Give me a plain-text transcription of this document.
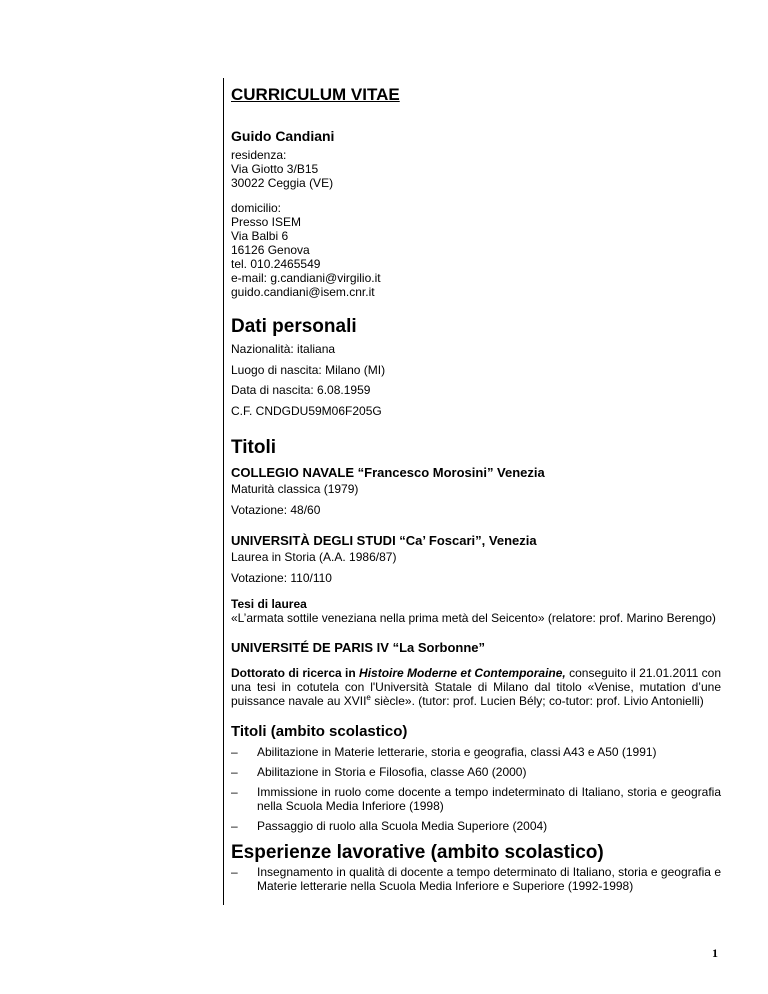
CURRICULUM VITAE
Guido Candiani
residenza:
Via Giotto 3/B15
30022 Ceggia (VE)
domicilio:
Presso ISEM
Via Balbi 6
16126 Genova
tel. 010.2465549
e-mail: g.candiani@virgilio.it
guido.candiani@isem.cnr.it
Dati personali
Nazionalità: italiana
Luogo di nascita: Milano (MI)
Data di nascita: 6.08.1959
C.F. CNDGDU59M06F205G
Titoli
COLLEGIO NAVALE “Francesco Morosini” Venezia
Maturità classica (1979)
Votazione: 48/60
UNIVERSITÀ DEGLI STUDI “Ca’ Foscari”, Venezia
Laurea in Storia (A.A. 1986/87)
Votazione: 110/110
Tesi di laurea
«L’armata sottile veneziana nella prima metà del Seicento» (relatore: prof. Marino Berengo)
UNIVERSITÉ DE PARIS IV “La Sorbonne”
Dottorato di ricerca in Histoire Moderne et Contemporaine, conseguito il 21.01.2011 con una tesi in cotutela con l'Università Statale di Milano dal titolo «Venise, mutation d’une puissance navale au XVIIe siècle». (tutor: prof. Lucien Bély; co-tutor: prof. Livio Antonielli)
Titoli (ambito scolastico)
– Abilitazione in Materie letterarie, storia e geografia, classi A43 e A50 (1991)
– Abilitazione in Storia e Filosofia, classe A60 (2000)
– Immissione in ruolo come docente a tempo indeterminato di Italiano, storia e geografia nella Scuola Media Inferiore (1998)
– Passaggio di ruolo alla Scuola Media Superiore (2004)
Esperienze lavorative (ambito scolastico)
– Insegnamento in qualità di docente a tempo determinato di Italiano, storia e geografia e Materie letterarie nella Scuola Media Inferiore e Superiore (1992-1998)
1
